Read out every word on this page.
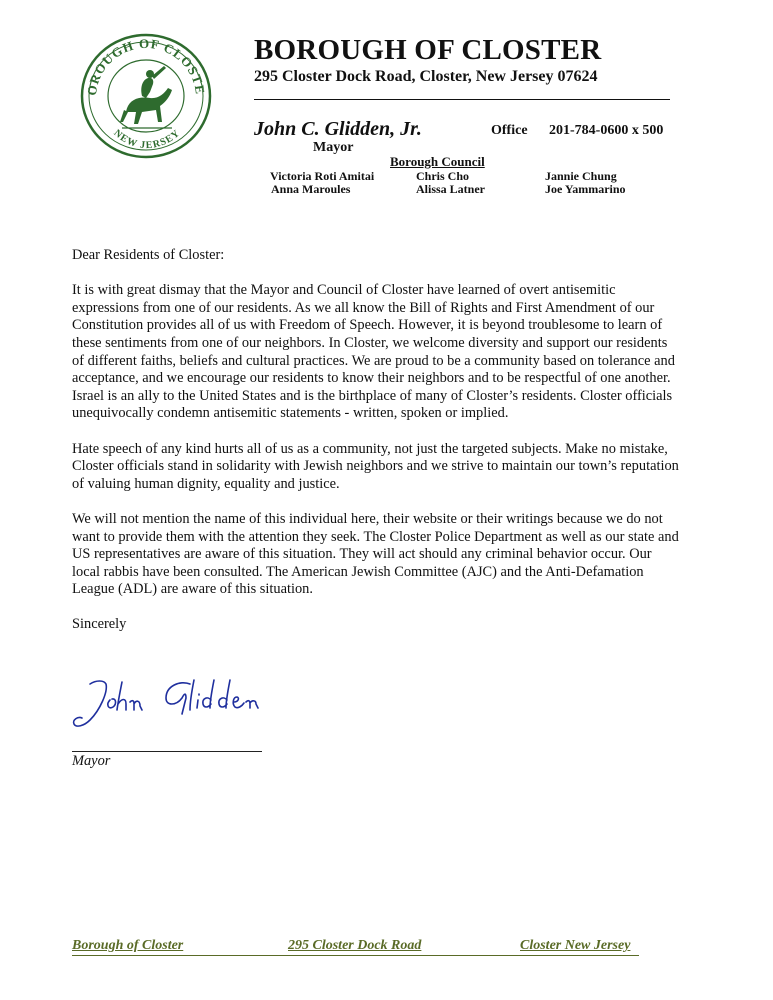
OROUGH OF CLOSTE
NEW JERSEY
BOROUGH OF CLOSTER
295 Closter Dock Road, Closter, New Jersey 07624
John C. Glidden, Jr.	Office 201-784-0600 x 500
Mayor
Borough Council
Victoria Roti Amitai	Chris Cho	Jannie Chung
Anna Maroules	Alissa Latner	Joe Yammarino

Dear Residents of Closter:

It is with great dismay that the Mayor and Council of Closter have learned of overt antisemitic expressions from one of our residents. As we all know the Bill of Rights and First Amendment of our Constitution provides all of us with Freedom of Speech. However, it is beyond troublesome to learn of these sentiments from one of our neighbors. In Closter, we welcome diversity and support our residents of different faiths, beliefs and cultural practices. We are proud to be a community based on tolerance and acceptance, and we encourage our residents to know their neighbors and to be respectful of one another. Israel is an ally to the United States and is the birthplace of many of Closter’s residents. Closter officials unequivocally condemn antisemitic statements - written, spoken or implied.

Hate speech of any kind hurts all of us as a community, not just the targeted subjects. Make no mistake, Closter officials stand in solidarity with Jewish neighbors and we strive to maintain our town’s reputation of valuing human dignity, equality and justice.

We will not mention the name of this individual here, their website or their writings because we do not want to provide them with the attention they seek. The Closter Police Department as well as our state and US representatives are aware of this situation. They will act should any criminal behavior occur. Our local rabbis have been consulted. The American Jewish Committee (AJC) and the Anti-Defamation League (ADL) are aware of this situation.

Sincerely

Mayor
Borough of Closter	295 Closter Dock Road	Closter New Jersey
